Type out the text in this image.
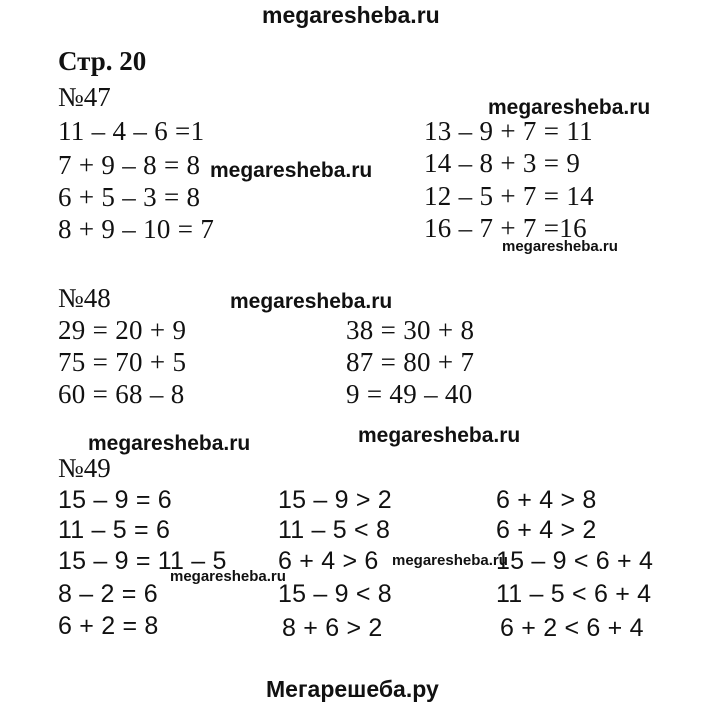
megaresheba.ru
megaresheba.ru
megaresheba.ru
megaresheba.ru
megaresheba.ru
megaresheba.ru	megaresheba.ru
megaresheba.ru
megaresheba.ru
Мегарешеба.ру
Стр. 20
№47
11 – 4 – 6 =1
7 + 9 – 8 = 8
6 + 5 – 3 = 8
8 + 9 – 10 = 7
13 – 9 + 7 = 11
14 – 8 + 3 = 9
12 – 5 + 7 = 14
16 – 7 + 7 =16
№48
29 = 20 + 9
75 = 70 + 5
60 = 68 – 8
38 = 30 + 8
87 = 80 + 7
9 = 49 – 40
№49
15 – 9 = 6
11 – 5 = 6
15 – 9 = 11 – 5
8 – 2 = 6
6 + 2 = 8
15 – 9 > 2
11 – 5 < 8
6 + 4 > 6
15 – 9 < 8
8 + 6 > 2
6 + 4 > 8
6 + 4 > 2
15 – 9 < 6 + 4
11 – 5 < 6 + 4
6 + 2 < 6 + 4
